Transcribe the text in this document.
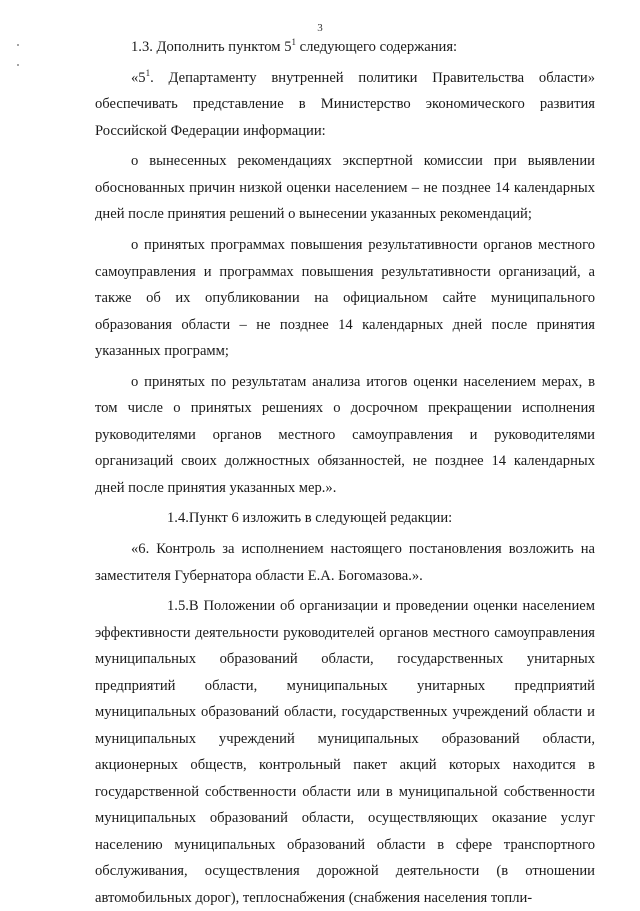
3

1.3. Дополнить пунктом $5^1$ следующего содержания:

«$5^1$. Департаменту внутренней политики Правительства области» обеспечивать представление в Министерство экономического развития Российской Федерации информации:

о вынесенных рекомендациях экспертной комиссии при выявлении обоснованных причин низкой оценки населением – не позднее 14 календарных дней после принятия решений о вынесении указанных рекомендаций;

о принятых программах повышения результативности органов местного самоуправления и программах повышения результативности организаций, а также об их опубликовании на официальном сайте муниципального образования области – не позднее 14 календарных дней после принятия указанных программ;

о принятых по результатам анализа итогов оценки населением мерах, в том числе о принятых решениях о досрочном прекращении исполнения руководителями органов местного самоуправления и руководителями организаций своих должностных обязанностей, не позднее 14 календарных дней после принятия указанных мер.».

1.4.Пункт 6 изложить в следующей редакции:

«6. Контроль за исполнением настоящего постановления возложить на заместителя Губернатора области Е.А. Богомазова.».

1.5.В Положении об организации и проведении оценки населением эффективности деятельности руководителей органов местного самоуправления муниципальных образований области, государственных унитарных предприятий области, муниципальных унитарных предприятий муниципальных образований области, государственных учреждений области и муниципальных учреждений муниципальных образований области, акционерных обществ, контрольный пакет акций которых находится в государственной собственности области или в муниципальной собственности муниципальных образований области, осуществляющих оказание услуг населению муниципальных образований области в сфере транспортного обслуживания, осуществления дорожной деятельности (в отношении автомобильных дорог), теплоснабжения (снабжения населения топли-
